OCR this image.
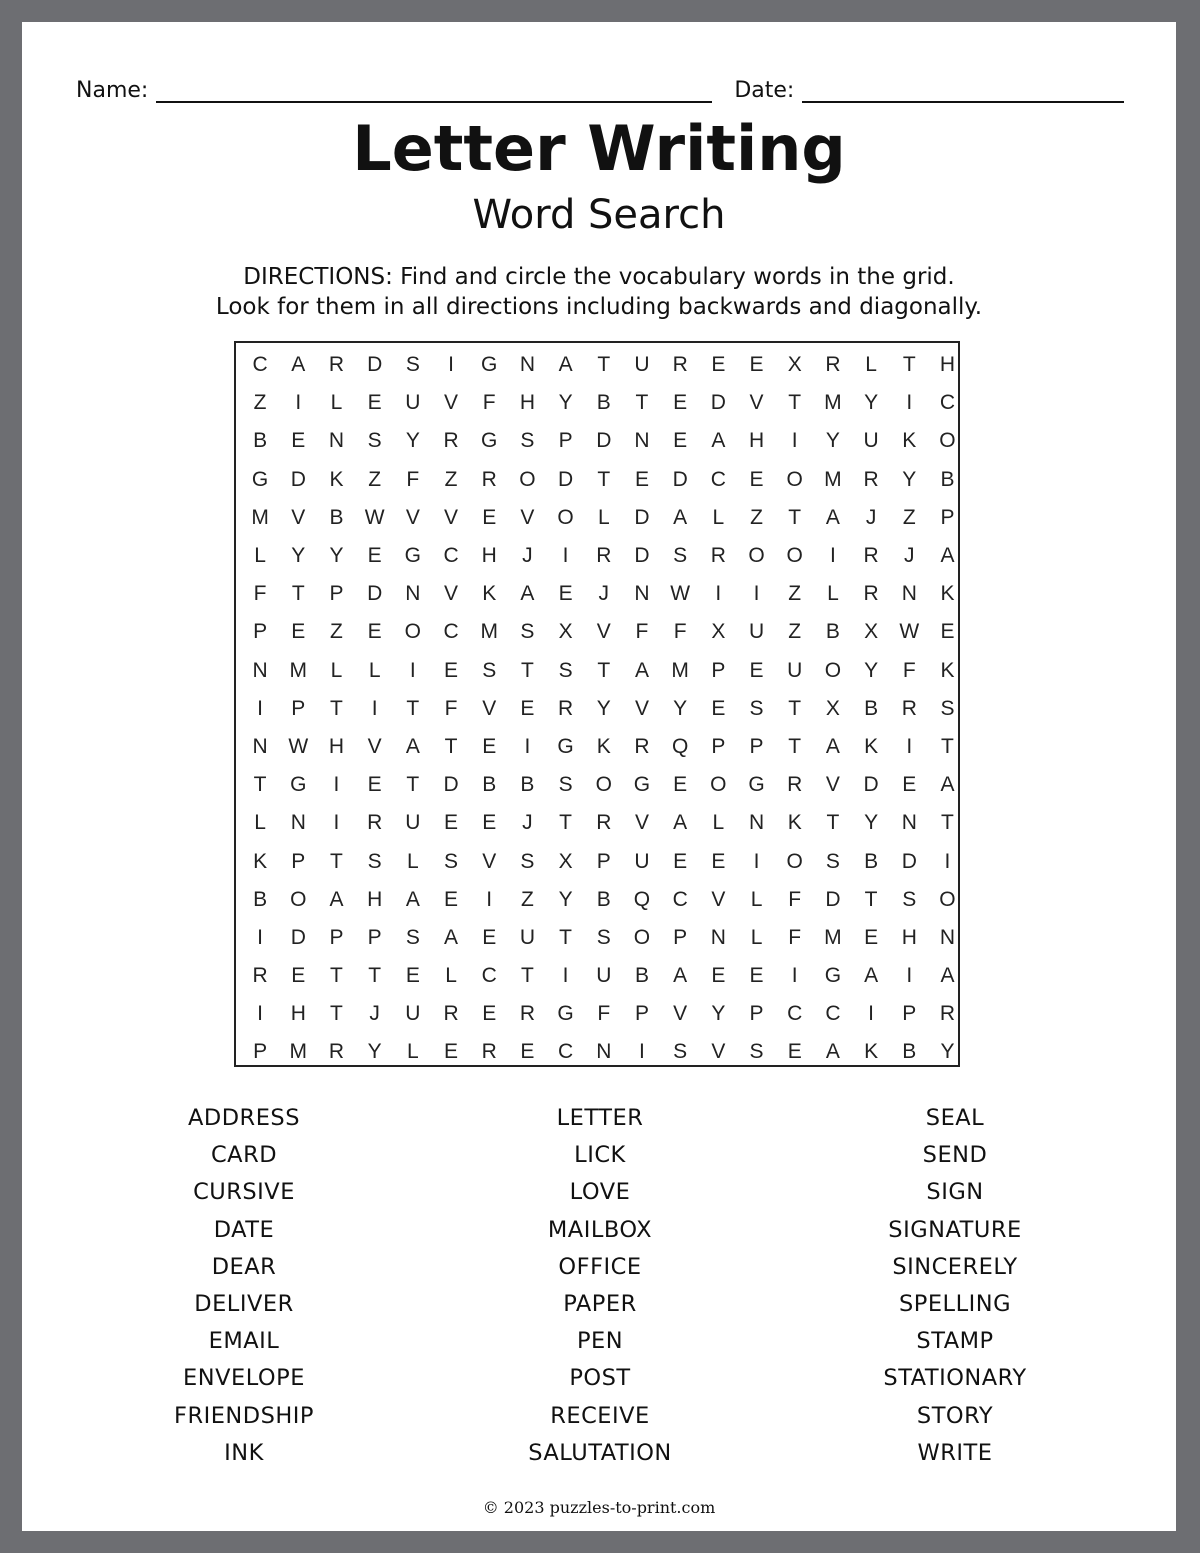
Name:	Date:
Letter Writing
Word Search
DIRECTIONS: Find and circle the vocabulary words in the grid.
Look for them in all directions including backwards and diagonally.
C	A	R	D	S	I	G	N	A	T	U	R	E	E	X	R	L	T	H
Z	I	L	E	U	V	F	H	Y	B	T	E	D	V	T	M	Y	I	C
B	E	N	S	Y	R	G	S	P	D	N	E	A	H	I	Y	U	K	O
G	D	K	Z	F	Z	R	O	D	T	E	D	C	E	O	M	R	Y	B
M	V	B	W	V	V	E	V	O	L	D	A	L	Z	T	A	J	Z	P
L	Y	Y	E	G	C	H	J	I	R	D	S	R	O	O	I	R	J	A
F	T	P	D	N	V	K	A	E	J	N W	I	I	Z	L	R	N	K
P	E	Z	E	O	C	M	S	X	V	F	F	X	U	Z	B	X	W	E
N	M	L	L	I	E	S	T	S	T	A	M	P	E	U	O	Y	F	K
I	P	T	I	T	F	V	E	R	Y	V	Y	E	S	T	X	B	R	S
N W H	V	A	T	E	I	G	K	R	Q	P	P	T	A	K	I	T
T	G	I	E	T	D	B	B	S	O	G	E	O	G	R	V	D	E	A
L	N	I	R	U	E	E	J	T	R	V	A	L	N	K	T	Y	N	T
K	P	T	S	L	S	V	S	X	P	U	E	E	I	O	S	B	D	I
B	O	A	H	A	E	I	Z	Y	B	Q	C	V	L	F	D	T	S	O
I	D	P	P	S	A	E	U	T	S	O	P	N	L	F	M	E	H	N
R	E	T	T	E	L	C	T	I	U	B	A	E	E	I	G	A	I	A
I	H	T	J	U	R	E	R	G	F	P	V	Y	P	C	C	I	P	R
P	M	R	Y	L	E	R	E	C	N	I	S	V	S	E	A	K	B	Y
ADDRESS
CARD
CURSIVE
DATE
DEAR
DELIVER
EMAIL
ENVELOPE
FRIENDSHIP
INK
LETTER
LICK
LOVE
MAILBOX
OFFICE
PAPER
PEN
POST
RECEIVE
SALUTATION
SEAL
SEND
SIGN
SIGNATURE
SINCERELY
SPELLING
STAMP
STATIONARY
STORY
WRITE
© 2023 puzzles-to-print.com
